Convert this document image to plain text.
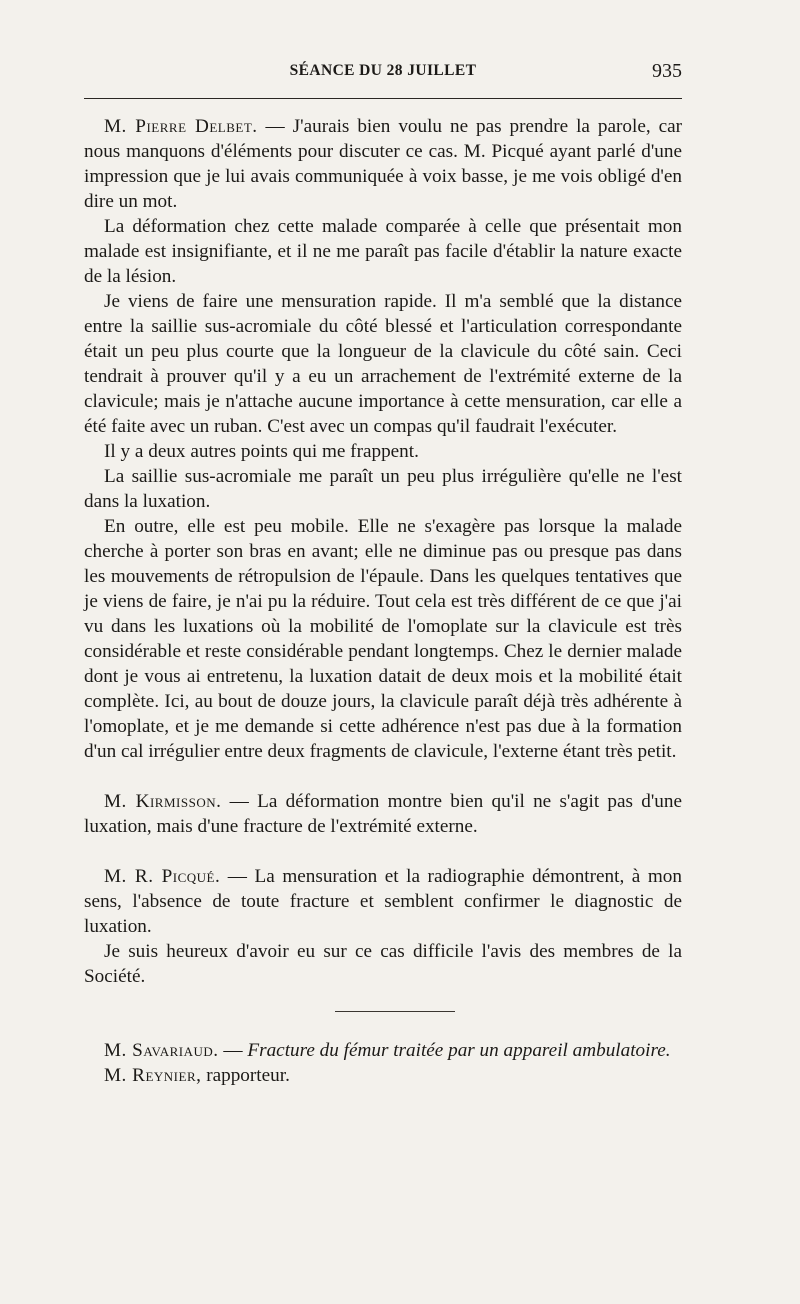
SÉANCE DU 28 JUILLET	935

M. Pierre Delbet. — J'aurais bien voulu ne pas prendre la parole, car nous manquons d'éléments pour discuter ce cas. M. Picqué ayant parlé d'une impression que je lui avais communiquée à voix basse, je me vois obligé d'en dire un mot.

La déformation chez cette malade comparée à celle que présentait mon malade est insignifiante, et il ne me paraît pas facile d'établir la nature exacte de la lésion.

Je viens de faire une mensuration rapide. Il m'a semblé que la distance entre la saillie sus-acromiale du côté blessé et l'articulation correspondante était un peu plus courte que la longueur de la clavicule du côté sain. Ceci tendrait à prouver qu'il y a eu un arrachement de l'extrémité externe de la clavicule; mais je n'attache aucune importance à cette mensuration, car elle a été faite avec un ruban. C'est avec un compas qu'il faudrait l'exécuter.

Il y a deux autres points qui me frappent.

La saillie sus-acromiale me paraît un peu plus irrégulière qu'elle ne l'est dans la luxation.

En outre, elle est peu mobile. Elle ne s'exagère pas lorsque la malade cherche à porter son bras en avant; elle ne diminue pas ou presque pas dans les mouvements de rétropulsion de l'épaule. Dans les quelques tentatives que je viens de faire, je n'ai pu la réduire. Tout cela est très différent de ce que j'ai vu dans les luxations où la mobilité de l'omoplate sur la clavicule est très considérable et reste considérable pendant longtemps. Chez le dernier malade dont je vous ai entretenu, la luxation datait de deux mois et la mobilité était complète. Ici, au bout de douze jours, la clavicule paraît déjà très adhérente à l'omoplate, et je me demande si cette adhérence n'est pas due à la formation d'un cal irrégulier entre deux fragments de clavicule, l'externe étant très petit.

M. Kirmisson. — La déformation montre bien qu'il ne s'agit pas d'une luxation, mais d'une fracture de l'extrémité externe.

M. R. Picqué. — La mensuration et la radiographie démontrent, à mon sens, l'absence de toute fracture et semblent confirmer le diagnostic de luxation.

Je suis heureux d'avoir eu sur ce cas difficile l'avis des membres de la Société.

M. Savariaud. — Fracture du fémur traitée par un appareil ambulatoire.

M. Reynier, rapporteur.
